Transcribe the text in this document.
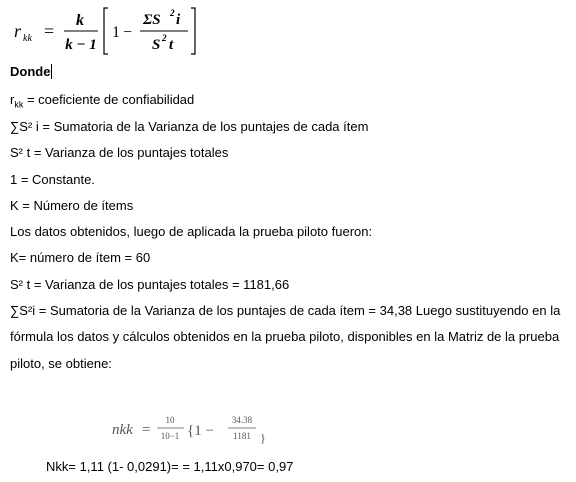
r kk =
k
k − 1
1 −
ΣS 2 i
S 2 t
Donde
$r_{kk}$ = coeficiente de confiabilidad
∑S² i = Sumatoria de la Varianza de los puntajes de cada ítem
S² t = Varianza de los puntajes totales
1 = Constante.
K = Número de ítems
Los datos obtenidos, luego de aplicada la prueba piloto fueron:
K= número de ítem = 60
S² t = Varianza de los puntajes totales = 1181,66
∑S²i = Sumatoria de la Varianza de los puntajes de cada ítem = 34,38 Luego sustituyendo en la
fórmula los datos y cálculos obtenidos en la prueba piloto, disponibles en la Matriz de la prueba
piloto, se obtiene:
nkk =
10
10−1 {1 −
34.38
1181 }
Nkk= 1,11 (1- 0,0291)= = 1,11x0,970= 0,97
